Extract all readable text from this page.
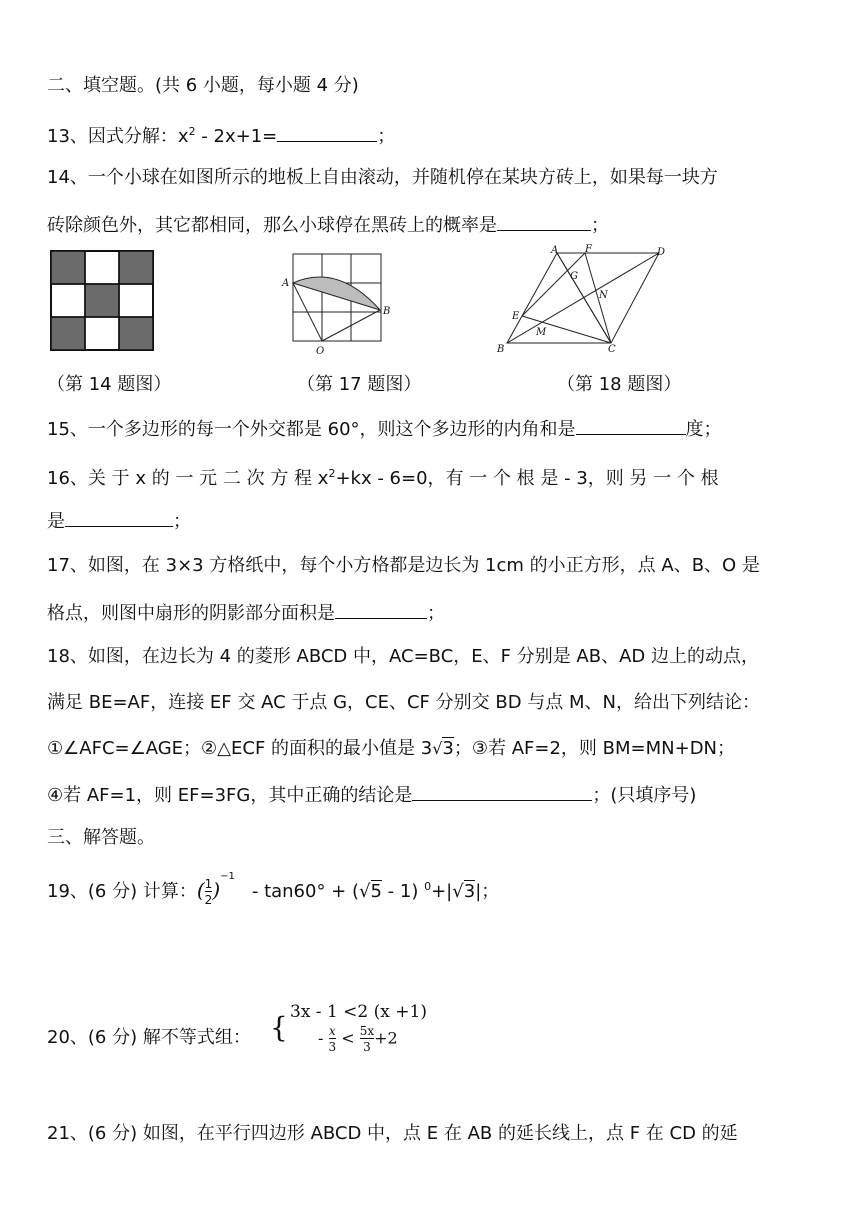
二、填空题。(共 6 小题，每小题 4 分)
13、因式分解：$x^2 - 2x+1=$	；
14、一个小球在如图所示的地板上自由滚动，并随机停在某块方砖上，如果每一块方
砖除颜色外，其它都相同，那么小球停在黑砖上的概率是	；
A
B
O
A	F	D
G
N
E
M
B	C
（第 14 题图）	（第 17 题图）	（第 18 题图）
15、一个多边形的每一个外交都是 60°，则这个多边形的内角和是	度；
16、关 于 x 的 一 元 二 次 方 程 $x^2+kx - 6=0$，有 一 个 根 是 - 3，则 另 一 个 根
是	；
17、如图，在 3×3 方格纸中，每个小方格都是边长为 1cm 的小正方形，点 A、B、O 是
格点，则图中扇形的阴影部分面积是	；
18、如图，在边长为 4 的菱形 ABCD 中，AC=BC，E、F 分别是 AB、AD 边上的动点，
满足 BE=AF，连接 EF 交 AC 于点 G，CE、CF 分别交 BD 与点 M、N，给出下列结论：
①∠AFC=∠AGE；②△ECF 的面积的最小值是 3√3；③若 AF=2，则 BM=MN+DN；
④若 AF=1，则 EF=3FG，其中正确的结论是	；(只填序号)
三、解答题。
19、(6 分) 计算：( $\frac{1}{2} )-1 - \tan 60^\circ + (√5 - 1)$ $^0$+|√3|；
20、(6 分) 解不等式组： { 3x - 1 <2 (x +1)
- $\frac{x}{3} < \frac{5x}{3} +2$
21、(6 分) 如图，在平行四边形 ABCD 中，点 E 在 AB 的延长线上，点 F 在 CD 的延
